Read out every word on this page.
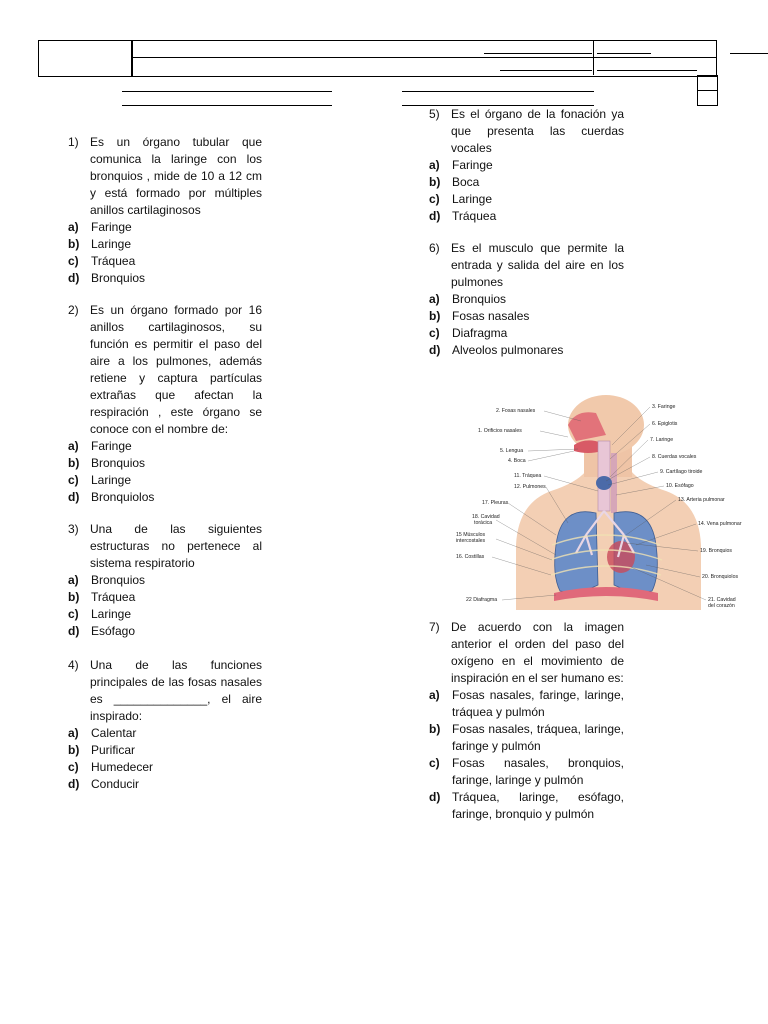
1) Es un órgano tubular que comunica la laringe con los bronquios , mide de 10 a 12 cm y está formado por múltiples anillos cartilaginosos
a)	Faringe
b) Laringe
c)	Tráquea
d) Bronquios
2) Es un órgano formado por 16 anillos cartilaginosos, su función es permitir el paso del aire a los pulmones, además retiene y captura partículas extrañas que afectan la respiración , este órgano se conoce con el nombre de:
a)	Faringe
b) Bronquios
c)	Laringe
d) Bronquiolos
3) Una de las siguientes estructuras no pertenece al sistema respiratorio
a)	Bronquios
b) Tráquea
c)	Laringe
d) Esófago
4) Una de las funciones principales de las fosas nasales es ______________, el aire inspirado:
a)	Calentar
b) Purificar
c)	Humedecer
d) Conducir
5) Es el órgano de la fonación ya que presenta las cuerdas vocales
a)	Faringe
b) Boca
c)	Laringe
d) Tráquea
6) Es el musculo que permite la entrada y salida del aire en los pulmones
a)	Bronquios
b) Fosas nasales
c)	Diafragma
d) Alveolos pulmonares
2. Fosas nasales
1. Orificios nasales
5. Lengua
4. Boca
11. Tráquea
12. Pulmones
17. Pleuras
18. Cavidad
torácica
15 Músculos
intercostales
16. Costillas
22 Diafragma
3. Faringe
6. Epiglotis
7. Laringe
8. Cuerdas vocales
9. Cartílago tiroide
10. Esófago
13. Arteria pulmonar
14. Vena pulmonar
19. Bronquios
20. Bronquiolos
21. Cavidad
del corazón
7) De acuerdo con la imagen anterior el orden del paso del oxígeno en el movimiento de inspiración en el ser humano es:
a)	Fosas nasales, faringe, laringe, tráquea y pulmón
b) Fosas nasales, tráquea, laringe, faringe y pulmón
c)	Fosas nasales, bronquios, faringe, laringe y pulmón
d) Tráquea, laringe, esófago, faringe, bronquio y pulmón
